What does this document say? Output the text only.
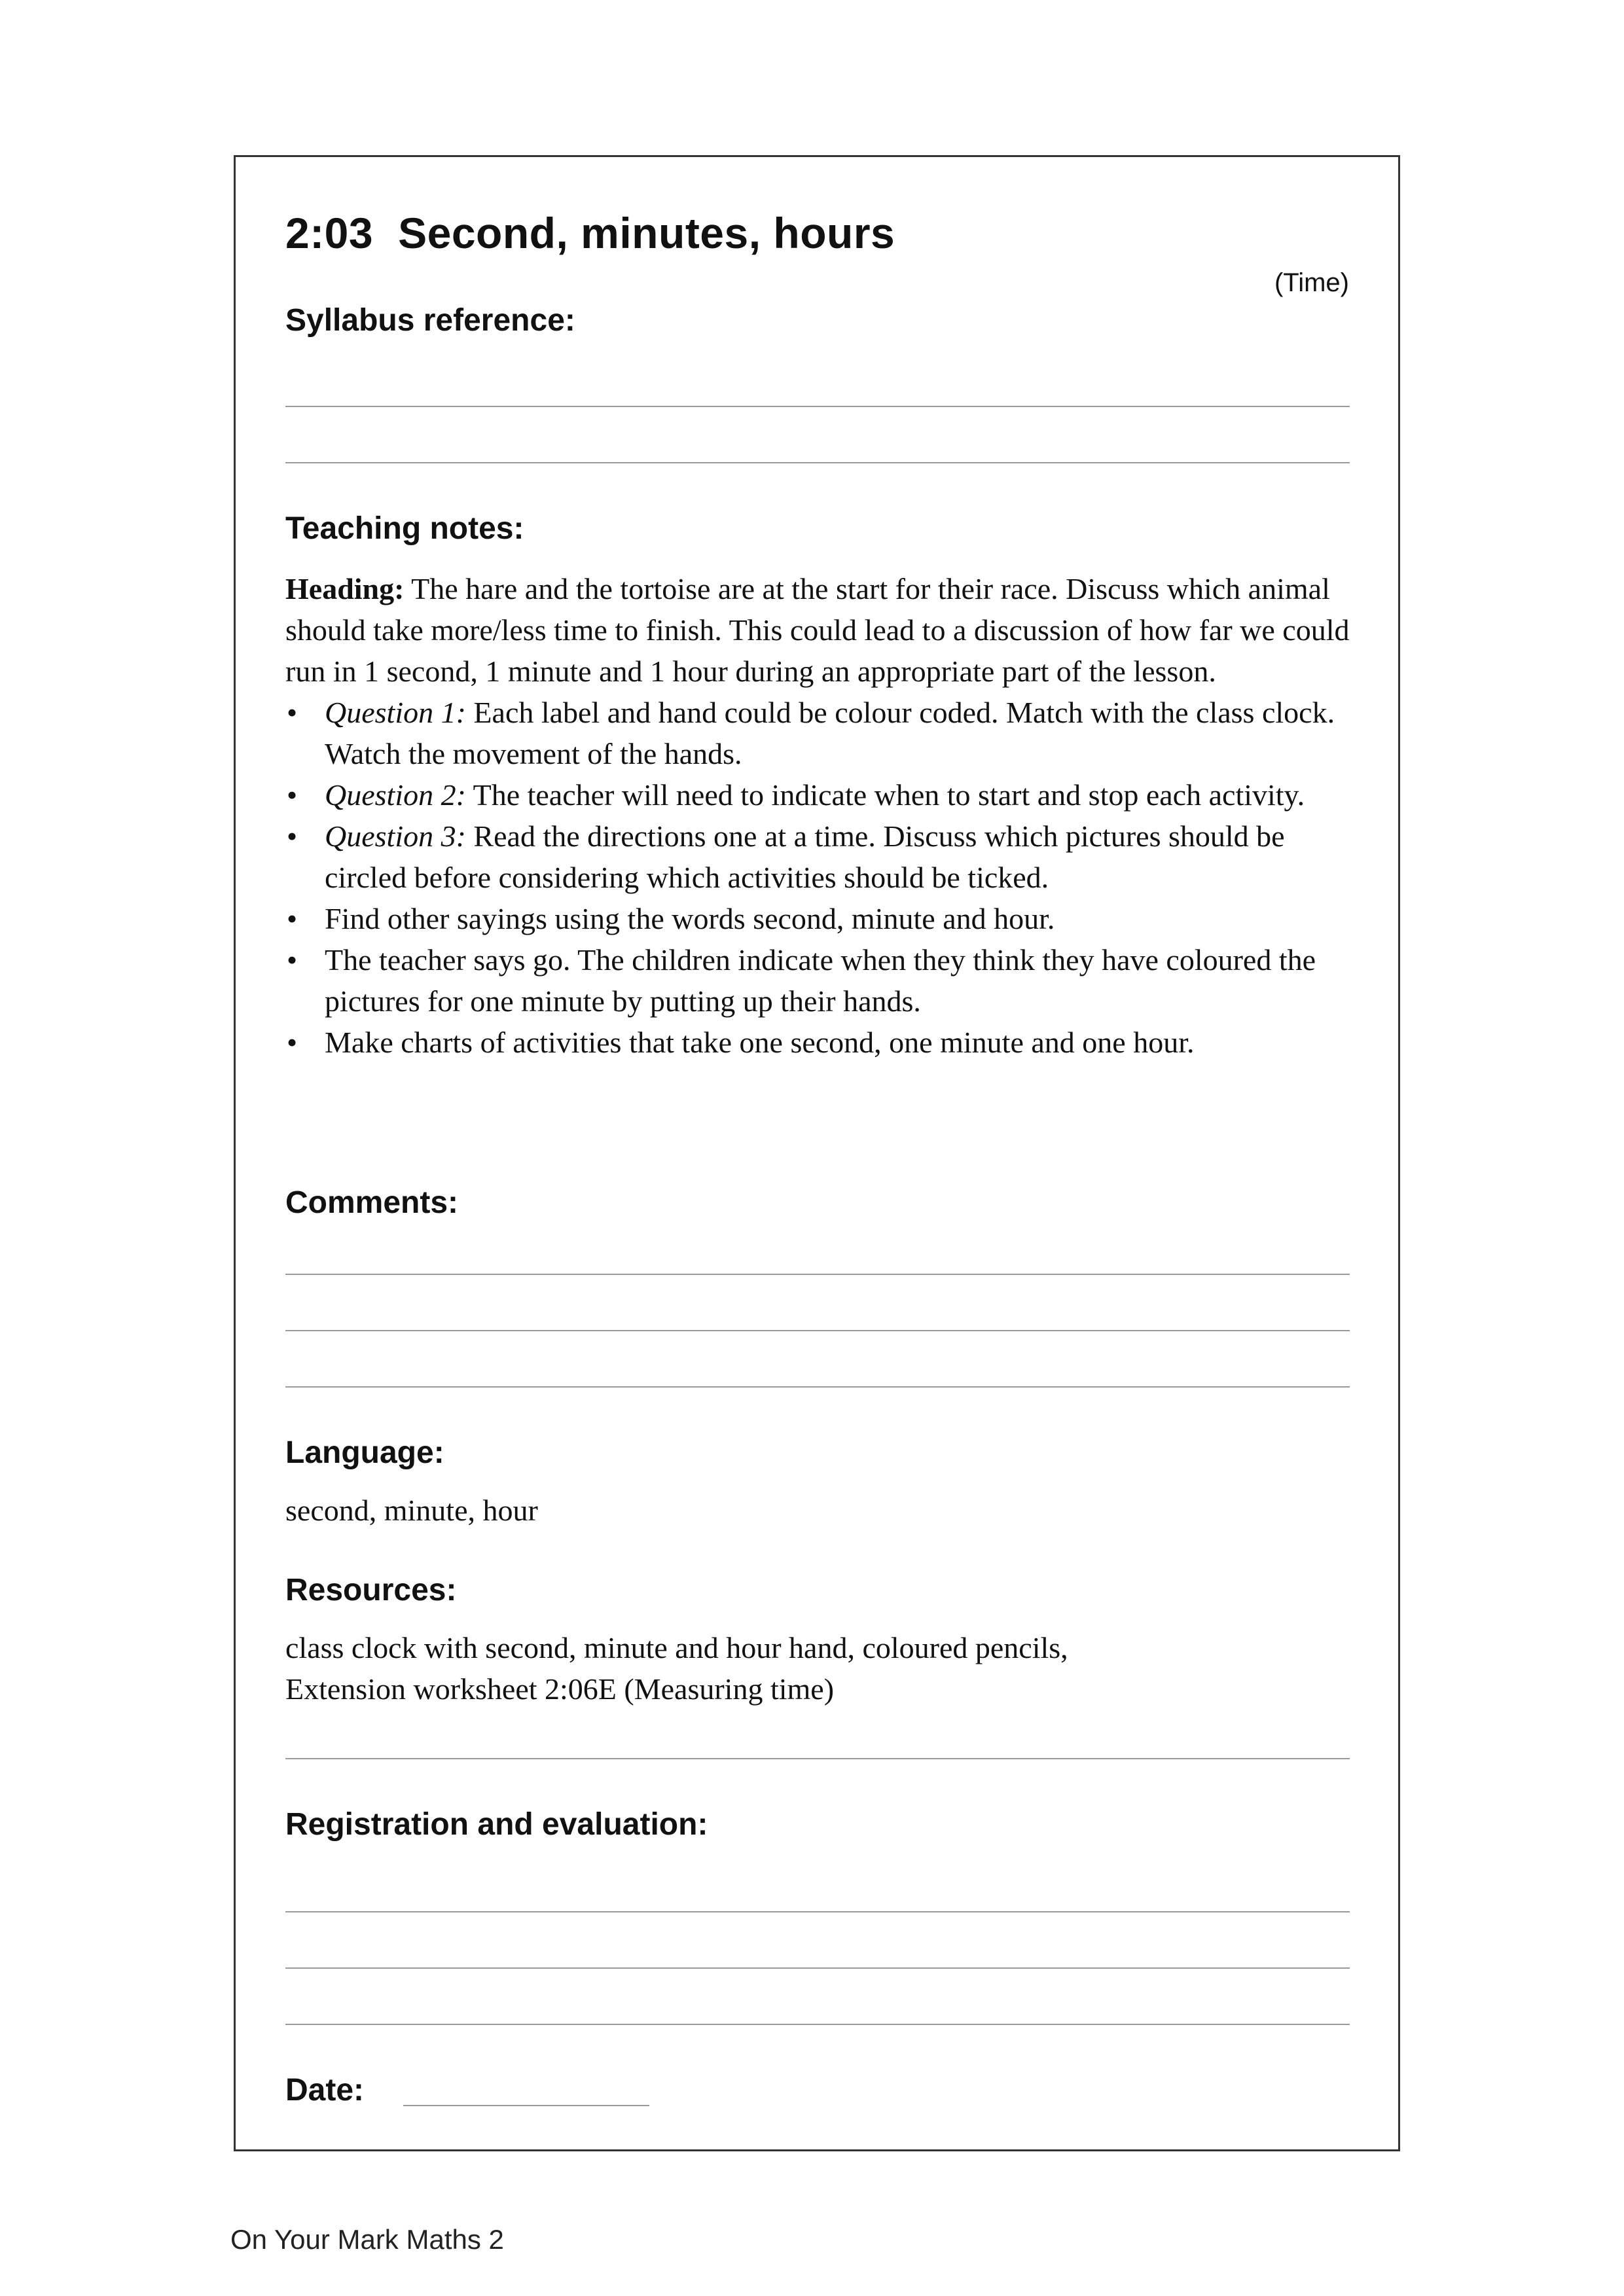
2:03 Second, minutes, hours
(Time)
Syllabus reference:
Teaching notes:

Heading: The hare and the tortoise are at the start for their race. Discuss which animal should take more/less time to finish. This could lead to a discussion of how far we could run in 1 second, 1 minute and 1 hour during an appropriate part of the lesson.

• Question 1: Each label and hand could be colour coded. Match with the class clock. Watch the movement of the hands.
• Question 2: The teacher will need to indicate when to start and stop each activity.
• Question 3: Read the directions one at a time. Discuss which pictures should be circled before considering which activities should be ticked.
• Find other sayings using the words second, minute and hour.
• The teacher says go. The children indicate when they think they have coloured the pictures for one minute by putting up their hands.
• Make charts of activities that take one second, one minute and one hour.
Comments:
Language:
second, minute, hour
Resources:
class clock with second, minute and hour hand, coloured pencils,
Extension worksheet 2:06E (Measuring time)
Registration and evaluation:
Date:
On Your Mark Maths 2
